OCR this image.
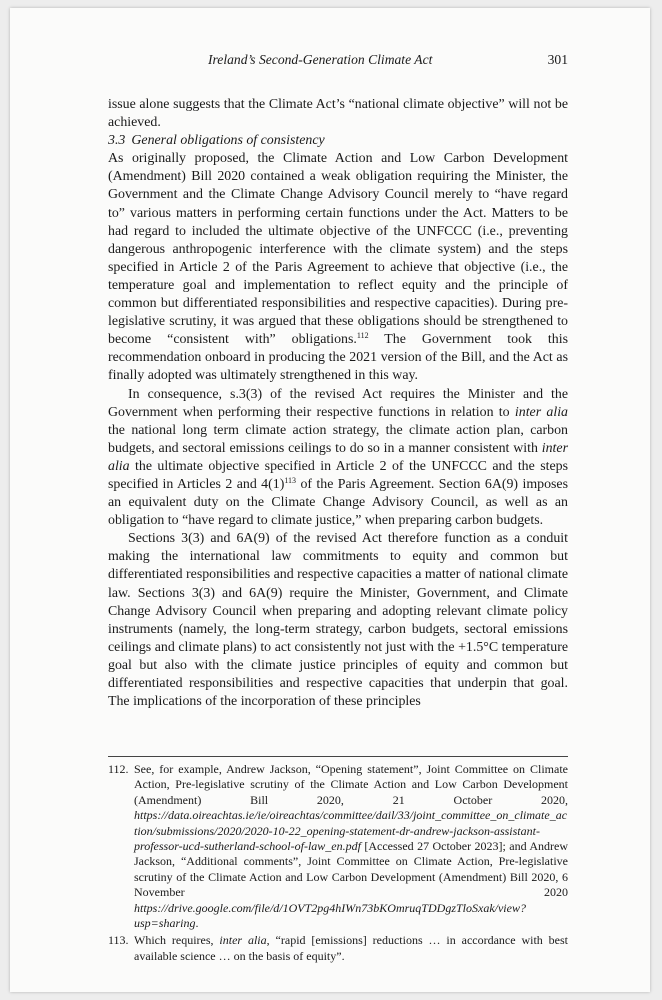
Ireland’s Second-Generation Climate Act	301

issue alone suggests that the Climate Act’s “national climate objective” will not be achieved.

3.3 General obligations of consistency

As originally proposed, the Climate Action and Low Carbon Development (Amendment) Bill 2020 contained a weak obligation requiring the Minister, the Government and the Climate Change Advisory Council merely to “have regard to” various matters in performing certain functions under the Act. Matters to be had regard to included the ultimate objective of the UNFCCC (i.e., preventing dangerous anthropogenic interference with the climate system) and the steps specified in Article 2 of the Paris Agreement to achieve that objective (i.e., the temperature goal and implementation to reflect equity and the principle of common but differentiated responsibilities and respective capacities). During pre-legislative scrutiny, it was argued that these obligations should be strengthened to become “consistent with” obligations.$^{112}$ The Government took this recommendation onboard in producing the 2021 version of the Bill, and the Act as finally adopted was ultimately strengthened in this way.

In consequence, s.3(3) of the revised Act requires the Minister and the Government when performing their respective functions in relation to inter alia the national long term climate action strategy, the climate action plan, carbon budgets, and sectoral emissions ceilings to do so in a manner consistent with inter alia the ultimate objective specified in Article 2 of the UNFCCC and the steps specified in Articles 2 and $4(1)^{113}$ of the Paris Agreement. Section 6A(9) imposes an equivalent duty on the Climate Change Advisory Council, as well as an obligation to “have regard to climate justice,” when preparing carbon budgets.

Sections 3(3) and 6A(9) of the revised Act therefore function as a conduit making the international law commitments to equity and common but differentiated responsibilities and respective capacities a matter of national climate law. Sections 3(3) and 6A(9) require the Minister, Government, and Climate Change Advisory Council when preparing and adopting relevant climate policy instruments (namely, the long-term strategy, carbon budgets, sectoral emissions ceilings and climate plans) to act consistently not just with the +1.5°C temperature goal but also with the climate justice principles of equity and common but differentiated responsibilities and respective capacities that underpin that goal. The implications of the incorporation of these principles

112. See, for example, Andrew Jackson, “Opening statement”, Joint Committee on Climate Action, Pre-legislative scrutiny of the Climate Action and Low Carbon Development (Amendment) Bill 2020, 21 October 2020, https://data.oireachtas.ie/ie/oireachtas/committee/dail/33/joint_committee_on_climate_action/submissions/2020/2020-10-22_opening-statement-dr-andrew-jackson-assistant-professor-ucd-sutherland-school-of-law_en.pdf [Accessed 27 October 2023]; and Andrew Jackson, “Additional comments”, Joint Committee on Climate Action, Pre-legislative scrutiny of the Climate Action and Low Carbon Development (Amendment) Bill 2020, 6 November 2020 https://drive.google.com/file/d/1OVT2pg4hIWn73bKOmruqTDDgzTloSxak/view?usp=sharing.
113. Which requires, inter alia, “rapid [emissions] reductions … in accordance with best available science … on the basis of equity”.
